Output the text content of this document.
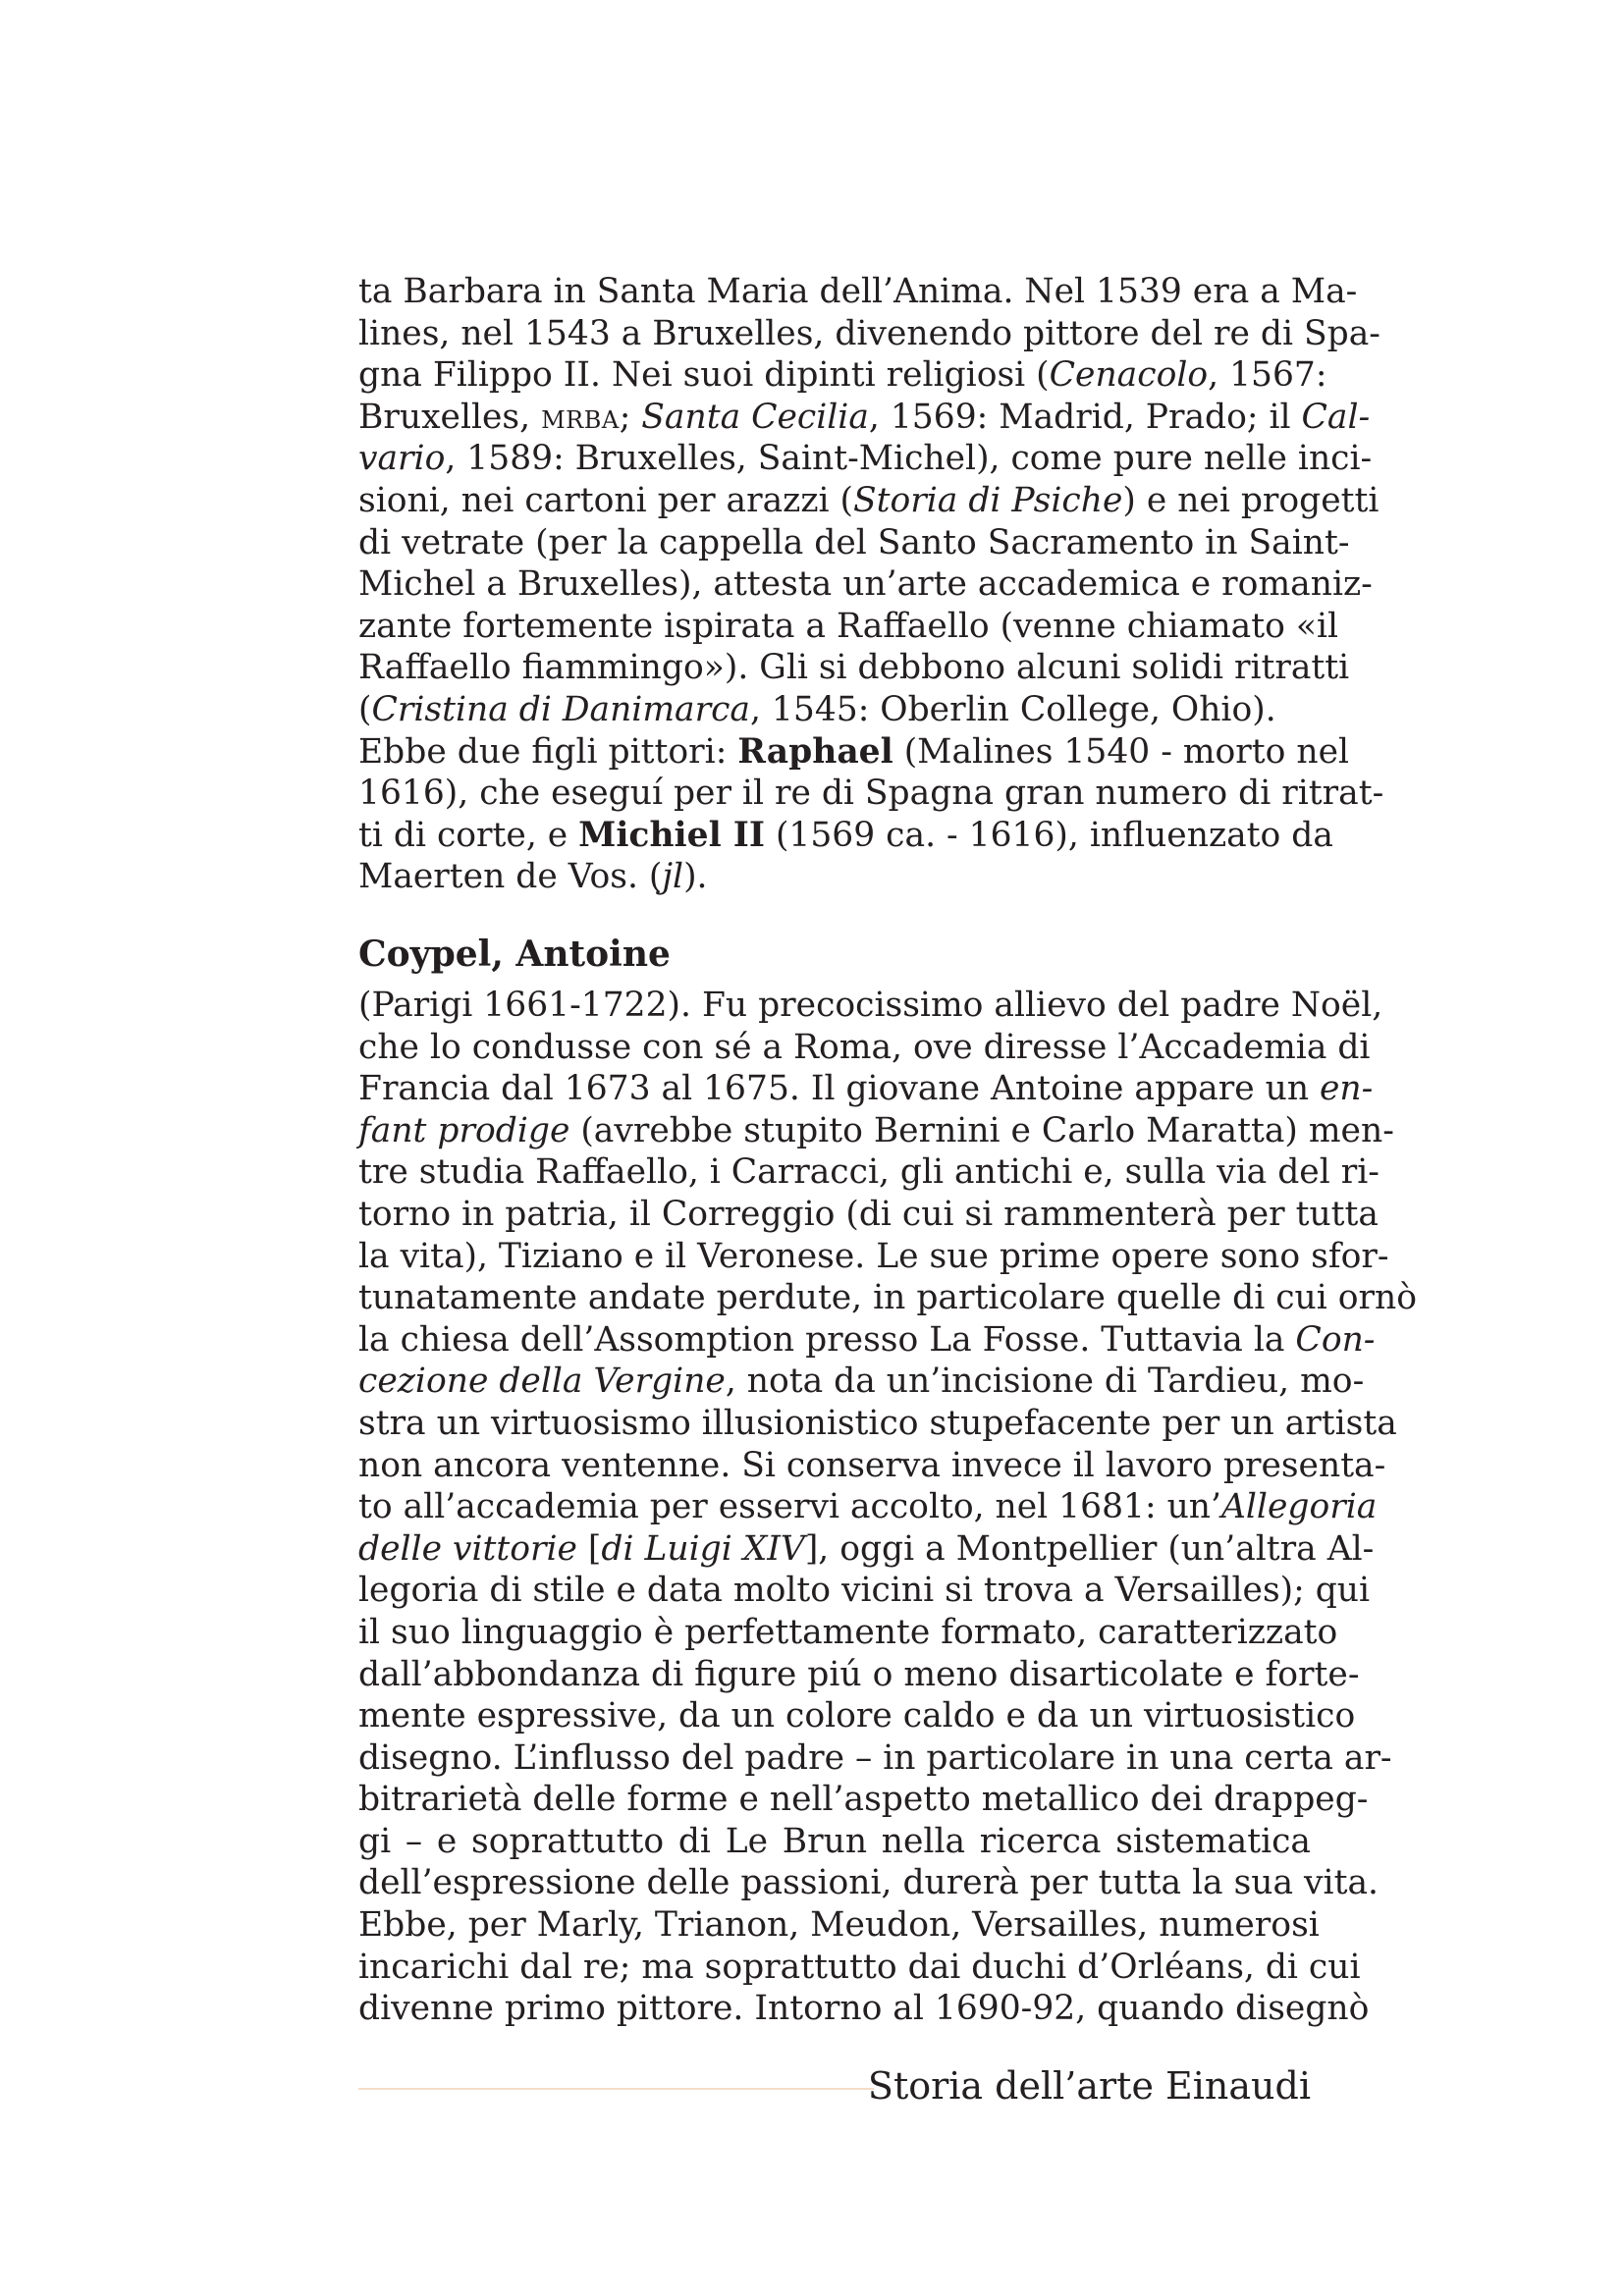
ta Barbara in Santa Maria dell’Anima. Nel 1539 era a Ma-
lines, nel 1543 a Bruxelles, divenendo pittore del re di Spa-
gna Filippo II. Nei suoi dipinti religiosi (Cenacolo, 1567:
Bruxelles, mrba; Santa Cecilia, 1569: Madrid, Prado; il Cal-
vario, 1589: Bruxelles, Saint-Michel), come pure nelle inci-
sioni, nei cartoni per arazzi (Storia di Psiche) e nei progetti
di vetrate (per la cappella del Santo Sacramento in Saint-
Michel a Bruxelles), attesta un’arte accademica e romaniz-
zante fortemente ispirata a Raffaello (venne chiamato «il
Raffaello fiammingo»). Gli si debbono alcuni solidi ritratti
(Cristina di Danimarca, 1545: Oberlin College, Ohio).
Ebbe due figli pittori: Raphael (Malines 1540 - morto nel
1616), che eseguí per il re di Spagna gran numero di ritrat-
ti di corte, e Michiel II (1569 ca. - 1616), influenzato da
Maerten de Vos. (jl).
Coypel, Antoine
(Parigi 1661-1722). Fu precocissimo allievo del padre Noël,
che lo condusse con sé a Roma, ove diresse l’Accademia di
Francia dal 1673 al 1675. Il giovane Antoine appare un en-
fant prodige (avrebbe stupito Bernini e Carlo Maratta) men-
tre studia Raffaello, i Carracci, gli antichi e, sulla via del ri-
torno in patria, il Correggio (di cui si rammenterà per tutta
la vita), Tiziano e il Veronese. Le sue prime opere sono sfor-
tunatamente andate perdute, in particolare quelle di cui ornò
la chiesa dell’Assomption presso La Fosse. Tuttavia la Con-
cezione della Vergine, nota da un’incisione di Tardieu, mo-
stra un virtuosismo illusionistico stupefacente per un artista
non ancora ventenne. Si conserva invece il lavoro presenta-
to all’accademia per esservi accolto, nel 1681: un’Allegoria
delle vittorie [di Luigi XIV], oggi a Montpellier (un’altra Al-
legoria di stile e data molto vicini si trova a Versailles); qui
il suo linguaggio è perfettamente formato, caratterizzato
dall’abbondanza di figure piú o meno disarticolate e forte-
mente espressive, da un colore caldo e da un virtuosistico
disegno. L’influsso del padre – in particolare in una certa ar-
bitrarietà delle forme e nell’aspetto metallico dei drappeg-
gi – e soprattutto di Le Brun nella ricerca sistematica
dell’espressione delle passioni, durerà per tutta la sua vita.
Ebbe, per Marly, Trianon, Meudon, Versailles, numerosi
incarichi dal re; ma soprattutto dai duchi d’Orléans, di cui
divenne primo pittore. Intorno al 1690-92, quando disegnò
Storia dell’arte Einaudi
